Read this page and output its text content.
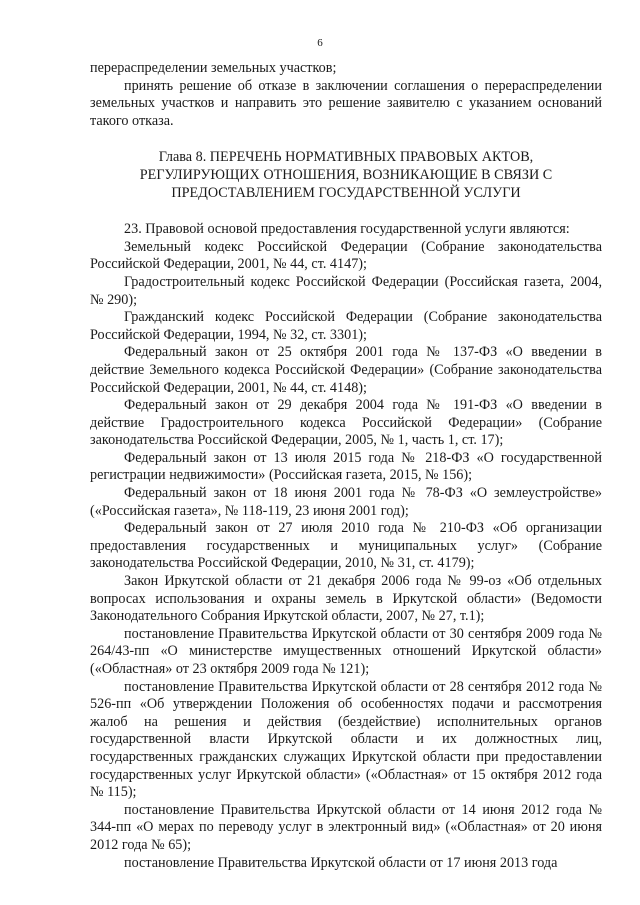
6

перераспределении земельных участков;

принять решение об отказе в заключении соглашения о перераспределении земельных участков и направить это решение заявителю с указанием оснований такого отказа.

Глава 8. ПЕРЕЧЕНЬ НОРМАТИВНЫХ ПРАВОВЫХ АКТОВ, РЕГУЛИРУЮЩИХ ОТНОШЕНИЯ, ВОЗНИКАЮЩИЕ В СВЯЗИ С ПРЕДОСТАВЛЕНИЕМ ГОСУДАРСТВЕННОЙ УСЛУГИ

23. Правовой основой предоставления государственной услуги являются:

Земельный кодекс Российской Федерации (Собрание законодательства Российской Федерации, 2001, № 44, ст. 4147);

Градостроительный кодекс Российской Федерации (Российская газета, 2004, № 290);

Гражданский кодекс Российской Федерации (Собрание законодательства Российской Федерации, 1994, № 32, ст. 3301);

Федеральный закон от 25 октября 2001 года № 137-ФЗ «О введении в действие Земельного кодекса Российской Федерации» (Собрание законодательства Российской Федерации, 2001, № 44, ст. 4148);

Федеральный закон от 29 декабря 2004 года № 191-ФЗ «О введении в действие Градостроительного кодекса Российской Федерации» (Собрание законодательства Российской Федерации, 2005, № 1, часть 1, ст. 17);

Федеральный закон от 13 июля 2015 года № 218-ФЗ «О государственной регистрации недвижимости» (Российская газета, 2015, № 156);

Федеральный закон от 18 июня 2001 года № 78-ФЗ «О землеустройстве» («Российская газета», № 118-119, 23 июня 2001 год);

Федеральный закон от 27 июля 2010 года № 210-ФЗ «Об организации предоставления государственных и муниципальных услуг» (Собрание законодательства Российской Федерации, 2010, № 31, ст. 4179);

Закон Иркутской области от 21 декабря 2006 года № 99-оз «Об отдельных вопросах использования и охраны земель в Иркутской области» (Ведомости Законодательного Собрания Иркутской области, 2007, № 27, т.1);

постановление Правительства Иркутской области от 30 сентября 2009 года № 264/43-пп «О министерстве имущественных отношений Иркутской области» («Областная» от 23 октября 2009 года № 121);

постановление Правительства Иркутской области от 28 сентября 2012 года № 526-пп «Об утверждении Положения об особенностях подачи и рассмотрения жалоб на решения и действия (бездействие) исполнительных органов государственной власти Иркутской области и их должностных лиц, государственных гражданских служащих Иркутской области при предоставлении государственных услуг Иркутской области» («Областная» от 15 октября 2012 года № 115);

постановление Правительства Иркутской области от 14 июня 2012 года № 344-пп «О мерах по переводу услуг в электронный вид» («Областная» от 20 июня 2012 года № 65);

постановление Правительства Иркутской области от 17 июня 2013 года
